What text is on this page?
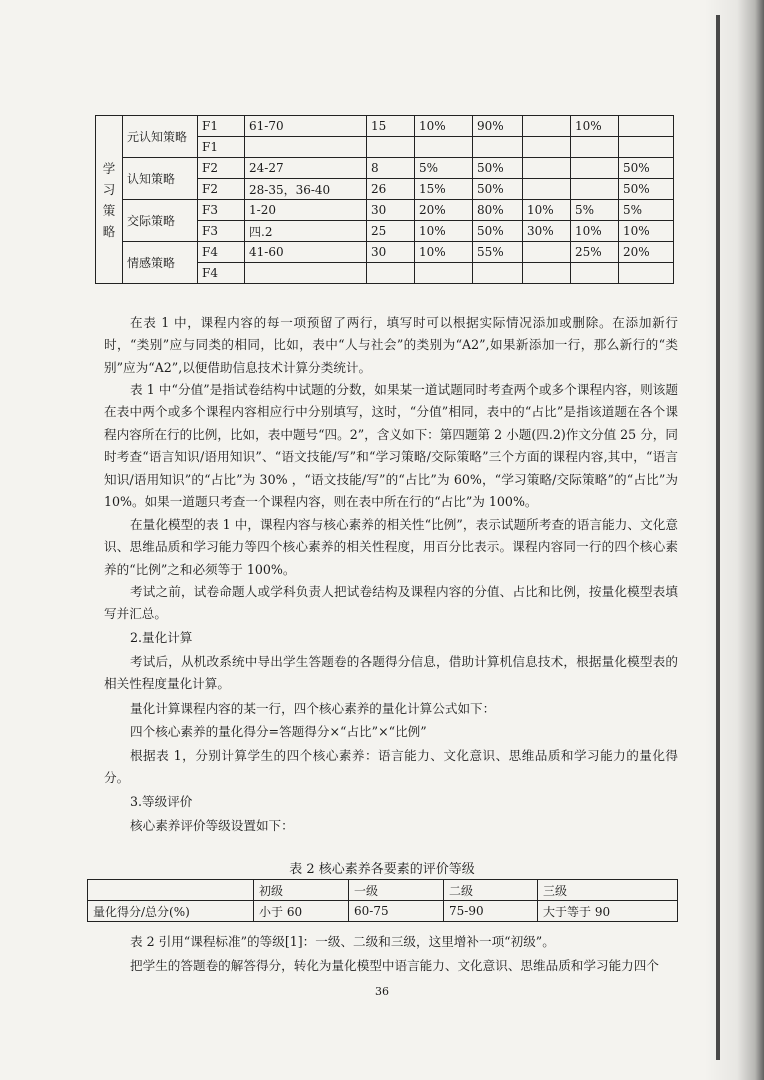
学
习
策
略	元认知策略	F1	61-70	15	10%	90%		10%	
		F1							
	认知策略	F2	24-27	8	5%	50%			50%
		F2	28-35，36-40	26	15%	50%			50%
	交际策略	F3	1-20	30	20%	80%	10%	5%	5%
		F3	四.2	25	10%	50%	30%	10%	10%
	情感策略	F4	41-60	30	10%	55%		25%	20%
		F4							

在表 1 中，课程内容的每一项预留了两行，填写时可以根据实际情况添加或删除。在添加新行时，“类别”应与同类的相同，比如，表中“人与社会”的类别为“A2”,如果新添加一行，那么新行的“类别”应为“A2”,以便借助信息技术计算分类统计。

表 1 中“分值”是指试卷结构中试题的分数，如果某一道试题同时考查两个或多个课程内容，则该题在表中两个或多个课程内容相应行中分别填写，这时，“分值”相同，表中的“占比”是指该道题在各个课程内容所在行的比例，比如，表中题号“四。2”，含义如下：第四题第 2 小题(四.2)作文分值 25 分，同时考查“语言知识/语用知识”、“语文技能/写”和“学习策略/交际策略”三个方面的课程内容,其中，“语言知识/语用知识”的“占比”为 30% ，“语文技能/写”的“占比”为 60%，“学习策略/交际策略”的“占比”为 10%。如果一道题只考查一个课程内容，则在表中所在行的“占比”为 100%。

在量化模型的表 1 中，课程内容与核心素养的相关性“比例”，表示试题所考查的语言能力、文化意识、思维品质和学习能力等四个核心素养的相关性程度，用百分比表示。课程内容同一行的四个核心素养的“比例”之和必须等于 100%。

考试之前，试卷命题人或学科负责人把试卷结构及课程内容的分值、占比和比例，按量化模型表填写并汇总。

2.量化计算

考试后，从机改系统中导出学生答题卷的各题得分信息，借助计算机信息技术，根据量化模型表的相关性程度量化计算。

量化计算课程内容的某一行，四个核心素养的量化计算公式如下：

四个核心素养的量化得分=答题得分×“占比”×“比例”

根据表 1，分别计算学生的四个核心素养：语言能力、文化意识、思维品质和学习能力的量化得分。

3.等级评价

核心素养评价等级设置如下：

表 2 核心素养各要素的评价等级

	初级	一级	二级	三级
量化得分/总分(%)	小于 60	60-75	75-90	大于等于 90

表 2 引用“课程标准”的等级[1]：一级、二级和三级，这里增补一项“初级”。

把学生的答题卷的解答得分，转化为量化模型中语言能力、文化意识、思维品质和学习能力四个

36
